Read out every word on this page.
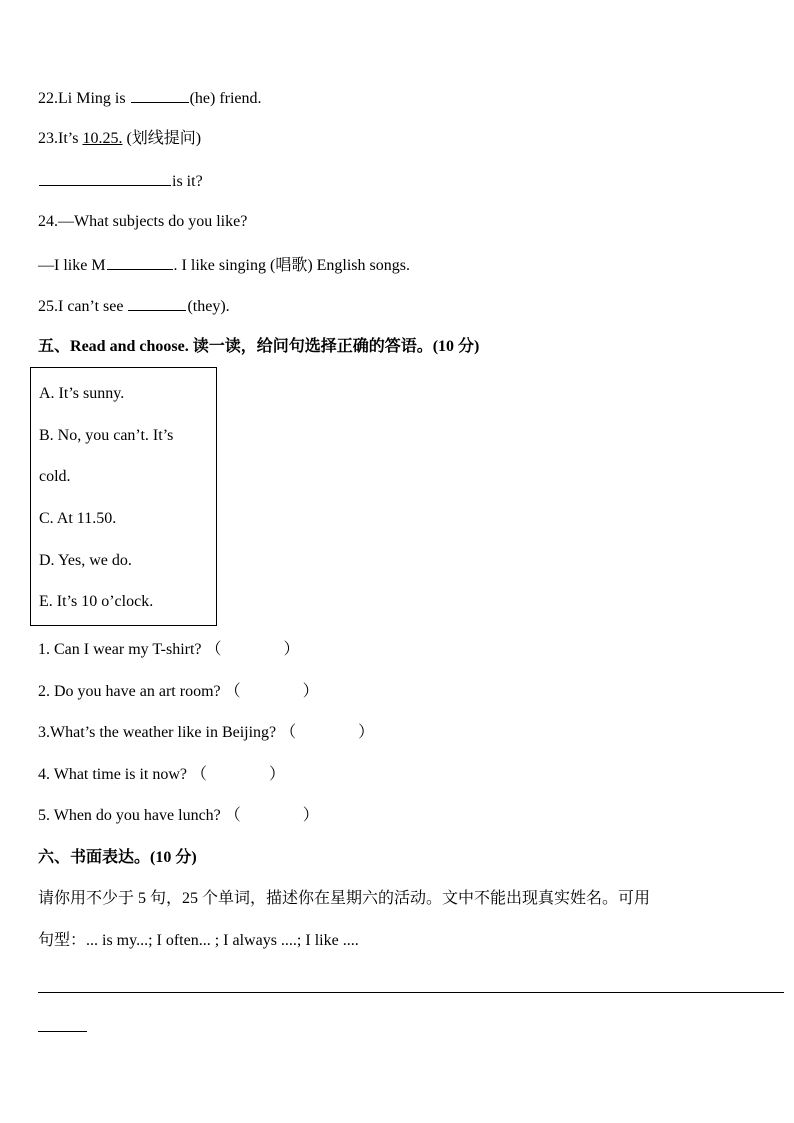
22.Li Ming is	(he) friend.
23.It’s 10.25. (划线提问)
is it?
24.—What subjects do you like?
—I like M	. I like singing (唱歌) English songs.
25.I can’t see	(they).
五、Read and choose. 读一读，给问句选择正确的答语。(10 分)
A. It’s sunny.
B. No, you can’t. It’s
cold.
C. At 11.50.
D. Yes, we do.
E. It’s 10 o’clock.
1. Can I wear my T-shirt? （	）
2. Do you have an art room? （	）
3.What’s the weather like in Beijing? （	）
4. What time is it now? （	）
5. When do you have lunch? （	）
六、书面表达。(10 分)
请你用不少于 5 句，25 个单词，描述你在星期六的活动。文中不能出现真实姓名。可用
句型：... is my...; I often... ; I always ....; I like ....
